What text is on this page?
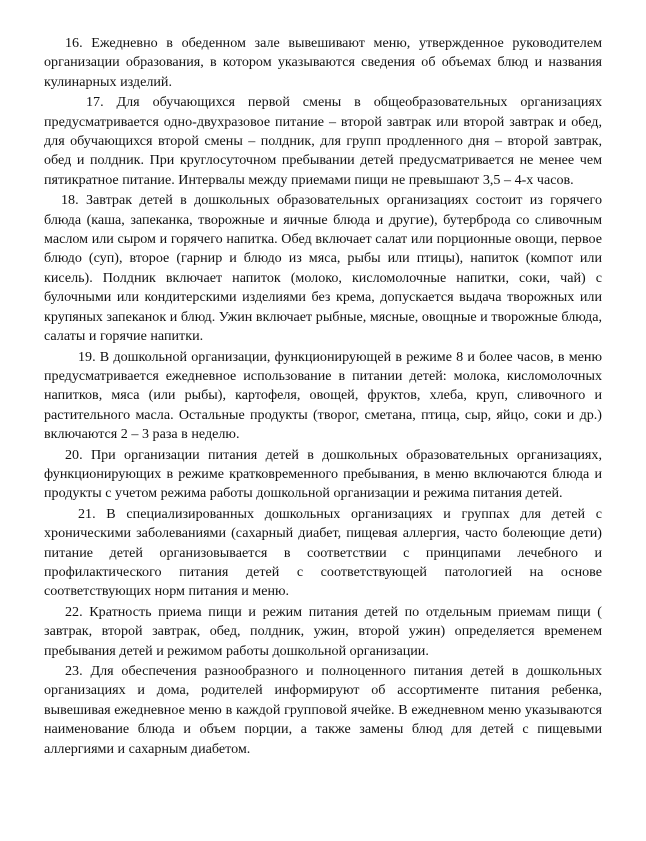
16. Ежедневно в обеденном зале вывешивают меню, утвержденное руководителем организации образования, в котором указываются сведения об объемах блюд и названия кулинарных изделий.

17. Для обучающихся первой смены в общеобразовательных организациях предусматривается одно-двухразовое питание – второй завтрак или второй завтрак и обед, для обучающихся второй смены – полдник, для групп продленного дня – второй завтрак, обед и полдник. При круглосуточном пребывании детей предусматривается не менее чем пятикратное питание. Интервалы между приемами пищи не превышают 3,5 – 4-х часов.

18. Завтрак детей в дошкольных образовательных организациях состоит из горячего блюда (каша, запеканка, творожные и яичные блюда и другие), бутерброда со сливочным маслом или сыром и горячего напитка. Обед включает салат или порционные овощи, первое блюдо (суп), второе (гарнир и блюдо из мяса, рыбы или птицы), напиток (компот или кисель). Полдник включает напиток (молоко, кисломолочные напитки, соки, чай) с булочными или кондитерскими изделиями без крема, допускается выдача творожных или крупяных запеканок и блюд. Ужин включает рыбные, мясные, овощные и творожные блюда, салаты и горячие напитки.

19. В дошкольной организации, функционирующей в режиме 8 и более часов, в меню предусматривается ежедневное использование в питании детей: молока, кисломолочных напитков, мяса (или рыбы), картофеля, овощей, фруктов, хлеба, круп, сливочного и растительного масла. Остальные продукты (творог, сметана, птица, сыр, яйцо, соки и др.) включаются 2 – 3 раза в неделю.

20. При организации питания детей в дошкольных образовательных организациях, функционирующих в режиме кратковременного пребывания, в меню включаются блюда и продукты с учетом режима работы дошкольной организации и режима питания детей.

21. В специализированных дошкольных организациях и группах для детей с хроническими заболеваниями (сахарный диабет, пищевая аллергия, часто болеющие дети) питание детей организовывается в соответствии с принципами лечебного и профилактического питания детей с соответствующей патологией на основе соответствующих норм питания и меню.

22. Кратность приема пищи и режим питания детей по отдельным приемам пищи ( завтрак, второй завтрак, обед, полдник, ужин, второй ужин) определяется временем пребывания детей и режимом работы дошкольной организации.

23. Для обеспечения разнообразного и полноценного питания детей в дошкольных организациях и дома, родителей информируют об ассортименте питания ребенка, вывешивая ежедневное меню в каждой групповой ячейке. В ежедневном меню указываются наименование блюда и объем порции, а также замены блюд для детей с пищевыми аллергиями и сахарным диабетом.
